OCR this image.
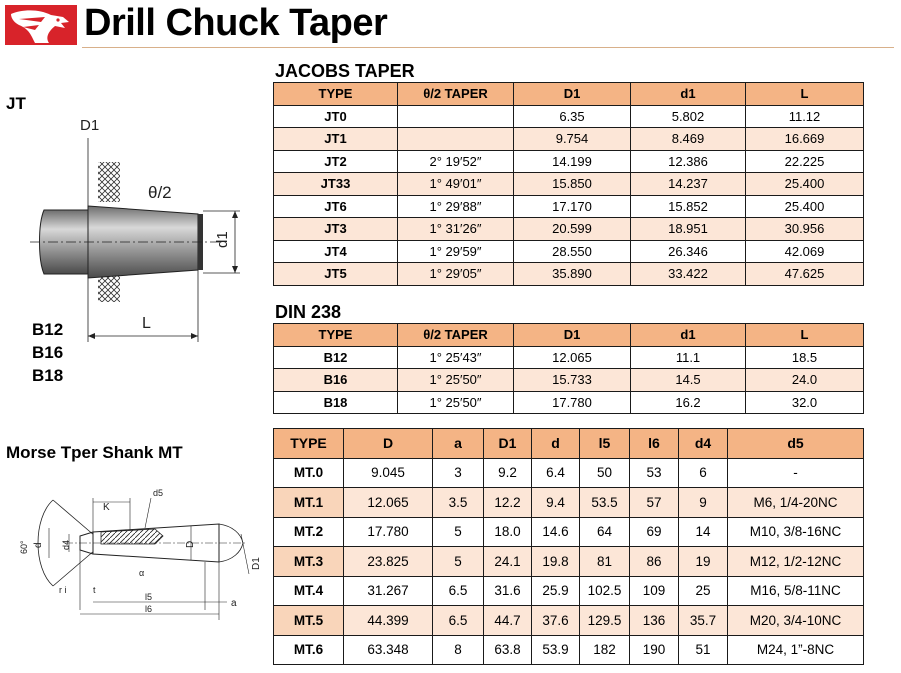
Drill Chuck Taper
JT
B12
B16
B18
Morse Tper Shank MT
D1
θ/2
d1
L
60°
K
d5
d d4	D
α
D1
r i	t
l5
l6	a
JACOBS TAPER
TYPE	θ/2 TAPER	D1	d1	L
JT0		6.35	5.802	11.12
JT1		9.754	8.469	16.669
JT2	2° 19′52″	14.199	12.386	22.225
JT33	1° 49′01″	15.850	14.237	25.400
JT6	1° 29′88″	17.170	15.852	25.400
JT3	1° 31′26″	20.599	18.951	30.956
JT4	1° 29′59″	28.550	26.346	42.069
JT5	1° 29′05″	35.890	33.422	47.625
DIN 238
TYPE	θ/2 TAPER	D1	d1	L
B12	1° 25′43″	12.065	11.1	18.5
B16	1° 25′50″	15.733	14.5	24.0
B18	1° 25′50″	17.780	16.2	32.0
TYPE	D	a	D1	d	l5	l6	d4	d5
MT.0	9.045	3	9.2	6.4	50	53	6	-
MT.1	12.065	3.5	12.2	9.4	53.5	57	9	M6, 1/4-20NC
MT.2	17.780	5	18.0	14.6	64	69	14	M10, 3/8-16NC
MT.3	23.825	5	24.1	19.8	81	86	19	M12, 1/2-12NC
MT.4	31.267	6.5	31.6	25.9	102.5	109	25	M16, 5/8-11NC
MT.5	44.399	6.5	44.7	37.6	129.5	136	35.7	M20, 3/4-10NC
MT.6	63.348	8	63.8	53.9	182	190	51	M24, 1”-8NC
